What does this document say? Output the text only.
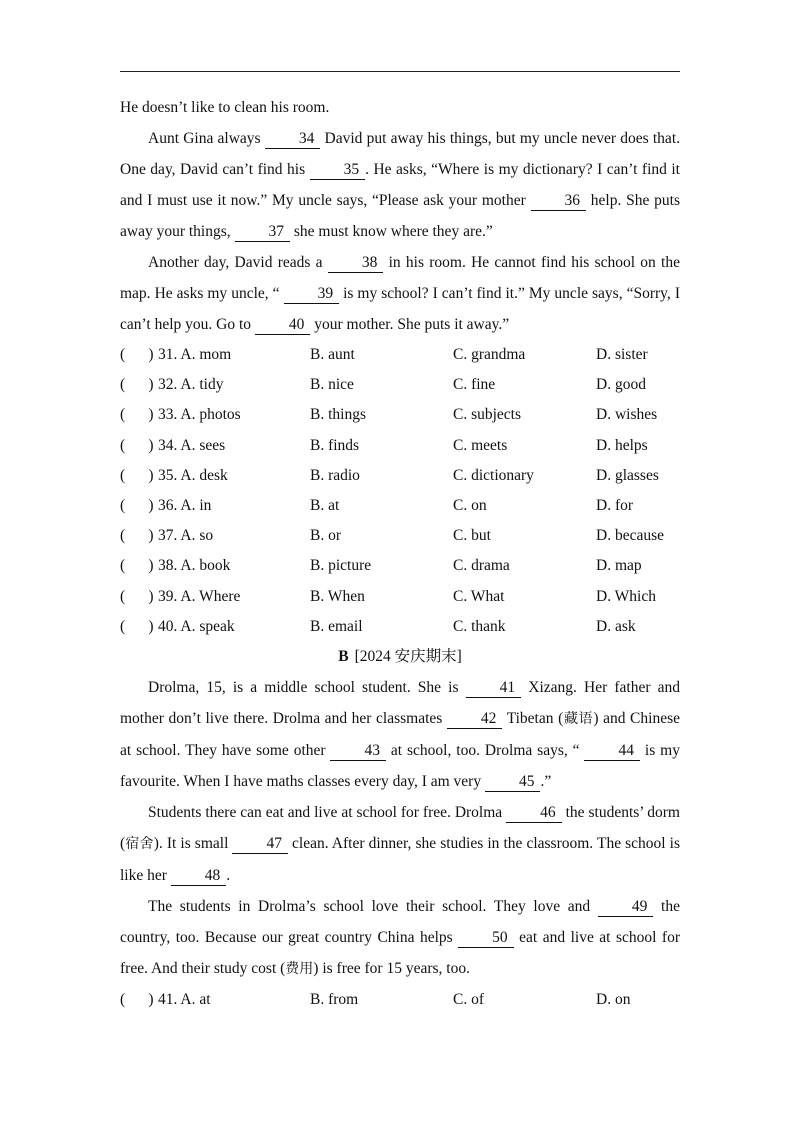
He doesn’t like to clean his room.

Aunt Gina always 34 David put away his things, but my uncle never does that. One day, David can’t find his 35 . He asks, “Where is my dictionary? I can’t find it and I must use it now.” My uncle says, “Please ask your mother 36 help. She puts away your things, 37 she must know where they are.”

Another day, David reads a 38 in his room. He cannot find his school on the map. He asks my uncle, “ 39 is my school? I can’t find it.” My uncle says, “Sorry, I can’t help you. Go to 40 your mother. She puts it away.”

(      ) 31. A. mom	B. aunt	C. grandma	D. sister
(      ) 32. A. tidy	B. nice	C. fine	D. good
(      ) 33. A. photos	B. things	C. subjects	D. wishes
(      ) 34. A. sees	B. finds	C. meets	D. helps
(      ) 35. A. desk	B. radio	C. dictionary	D. glasses
(      ) 36. A. in	B. at	C. on	D. for
(      ) 37. A. so	B. or	C. but	D. because
(      ) 38. A. book	B. picture	C. drama	D. map
(      ) 39. A. Where	B. When	C. What	D. Which
(      ) 40. A. speak	B. email	C. thank	D. ask
B [2024 安庆期末]

Drolma, 15, is a middle school student. She is 41 Xizang. Her father and mother don’t live there. Drolma and her classmates 42 Tibetan (藏语) and Chinese at school. They have some other 43 at school, too. Drolma says, “ 44 is my favourite. When I have maths classes every day, I am very 45 .”

Students there can eat and live at school for free. Drolma 46 the students’ dorm (宿舍). It is small 47 clean. After dinner, she studies in the classroom. The school is like her 48 .

The students in Drolma’s school love their school. They love and 49 the country, too. Because our great country China helps 50 eat and live at school for free. And their study cost (费用) is free for 15 years, too.

(      ) 41. A. at	B. from	C. of	D. on
